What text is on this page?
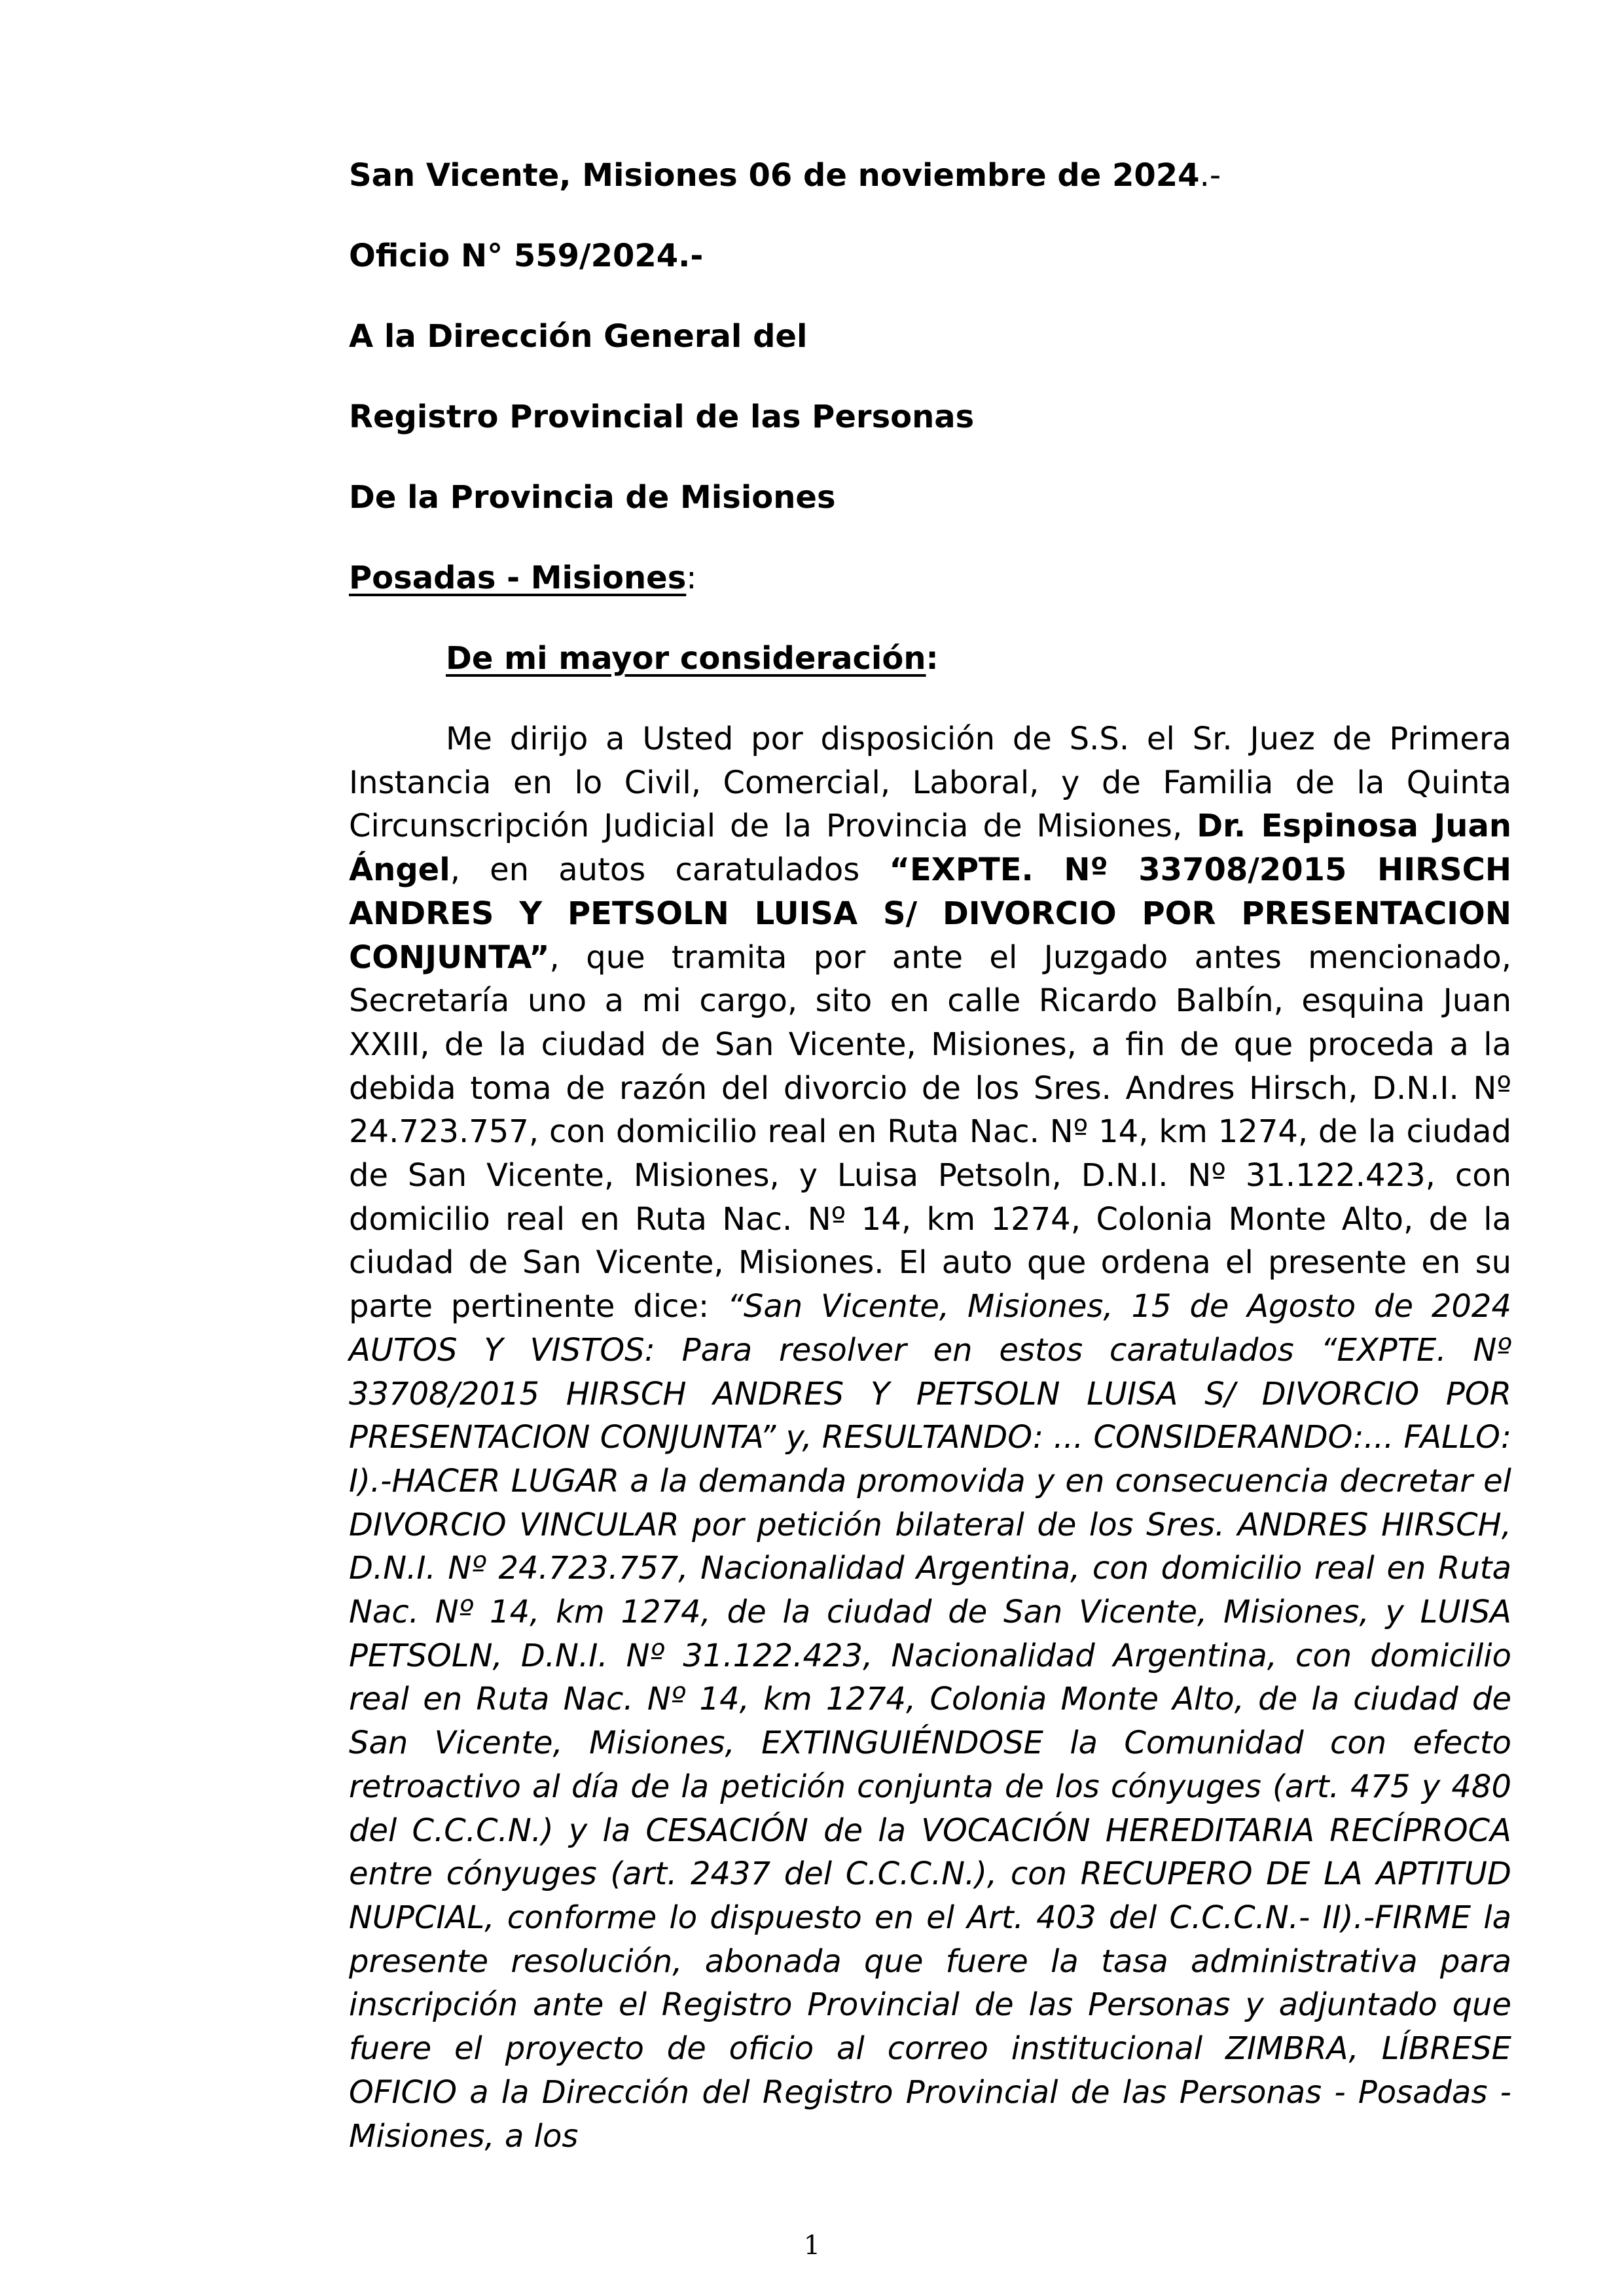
San Vicente, Misiones 06 de noviembre de 2024.-
Oficio N° 559/2024.-
A la Dirección General del
Registro Provincial de las Personas
De la Provincia de Misiones
Posadas - Misiones:
De mi mayor consideración:
Me dirijo a Usted por disposición de S.S. el Sr. Juez de Primera Instancia en lo Civil, Comercial, Laboral, y de Familia de la Quinta Circunscripción Judicial de la Provincia de Misiones, Dr. Espinosa Juan Ángel, en autos caratulados “EXPTE. Nº 33708/2015 HIRSCH ANDRES Y PETSOLN LUISA S/ DIVORCIO POR PRESENTACION CONJUNTA”, que tramita por ante el Juzgado antes mencionado, Secretaría uno a mi cargo, sito en calle Ricardo Balbín, esquina Juan XXIII, de la ciudad de San Vicente, Misiones, a fin de que proceda a la debida toma de razón del divorcio de los Sres. Andres Hirsch, D.N.I. Nº 24.723.757, con domicilio real en Ruta Nac. Nº 14, km 1274, de la ciudad de San Vicente, Misiones, y Luisa Petsoln, D.N.I. Nº 31.122.423, con domicilio real en Ruta Nac. Nº 14, km 1274, Colonia Monte Alto, de la ciudad de San Vicente, Misiones. El auto que ordena el presente en su parte pertinente dice: “San Vicente, Misiones, 15 de Agosto de 2024 AUTOS Y VISTOS: Para resolver en estos caratulados “EXPTE. Nº 33708/2015 HIRSCH ANDRES Y PETSOLN LUISA S/ DIVORCIO POR PRESENTACION CONJUNTA” y, RESULTANDO: ... CONSIDERANDO:... FALLO: I).-HACER LUGAR a la demanda promovida y en consecuencia decretar el DIVORCIO VINCULAR por petición bilateral de los Sres. ANDRES HIRSCH, D.N.I. Nº 24.723.757, Nacionalidad Argentina, con domicilio real en Ruta Nac. Nº 14, km 1274, de la ciudad de San Vicente, Misiones, y LUISA PETSOLN, D.N.I. Nº 31.122.423, Nacionalidad Argentina, con domicilio real en Ruta Nac. Nº 14, km 1274, Colonia Monte Alto, de la ciudad de San Vicente, Misiones, EXTINGUIÉNDOSE la Comunidad con efecto retroactivo al día de la petición conjunta de los cónyuges (art. 475 y 480 del C.C.C.N.) y la CESACIÓN de la VOCACIÓN HEREDITARIA RECÍPROCA entre cónyuges (art. 2437 del C.C.C.N.), con RECUPERO DE LA APTITUD NUPCIAL, conforme lo dispuesto en el Art. 403 del C.C.C.N.- II).-FIRME la presente resolución, abonada que fuere la tasa administrativa para inscripción ante el Registro Provincial de las Personas y adjuntado que fuere el proyecto de oficio al correo institucional ZIMBRA, LÍBRESE OFICIO a la Dirección del Registro Provincial de las Personas - Posadas - Misiones, a los
1
